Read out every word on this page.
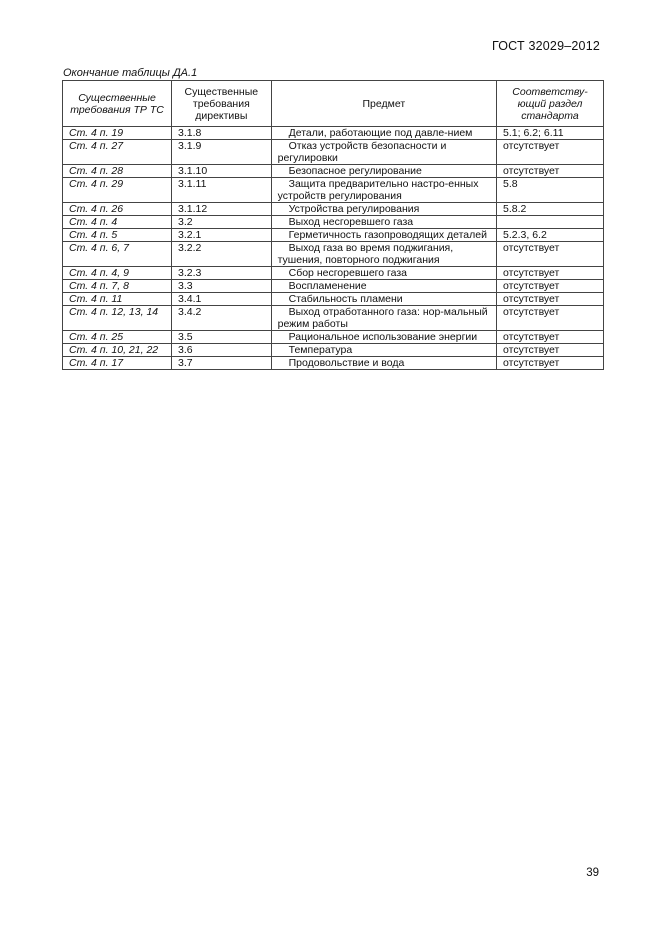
ГОСТ 32029–2012
Окончание таблицы ДА.1
Существенные требования ТР ТС	Существенные требования директивы	Предмет	Соответству-ющий раздел стандарта
Ст. 4 п. 19	3.1.8	Детали, работающие под давле-нием	5.1; 6.2; 6.11
Ст. 4 п. 27	3.1.9	Отказ устройств безопасности и регулировки	отсутствует
Ст. 4 п. 28	3.1.10	Безопасное регулирование	отсутствует
Ст. 4 п. 29	3.1.11	Защита предварительно настро-енных устройств регулирования	5.8
Ст. 4 п. 26	3.1.12	Устройства регулирования	5.8.2
Ст. 4 п. 4	3.2	Выход несгоревшего газа	

Ст. 4 п. 5	3.2.1	Герметичность газопроводящих деталей	5.2.3, 6.2
Ст. 4 п. 6, 7	3.2.2	Выход газа во время поджигания, тушения, повторного поджигания	отсутствует
Ст. 4 п. 4, 9	3.2.3	Сбор несгоревшего газа	отсутствует
Ст. 4 п. 7, 8	3.3	Воспламенение	отсутствует
Ст. 4 п. 11	3.4.1	Стабильность пламени	отсутствует
Ст. 4 п. 12, 13, 14	3.4.2	Выход отработанного газа: нор-мальный режим работы	отсутствует
Ст. 4 п. 25	3.5	Рациональное использование энергии	отсутствует
Ст. 4 п. 10, 21, 22	3.6	Температура	отсутствует
Ст. 4 п. 17	3.7	Продовольствие и вода	отсутствует
39
